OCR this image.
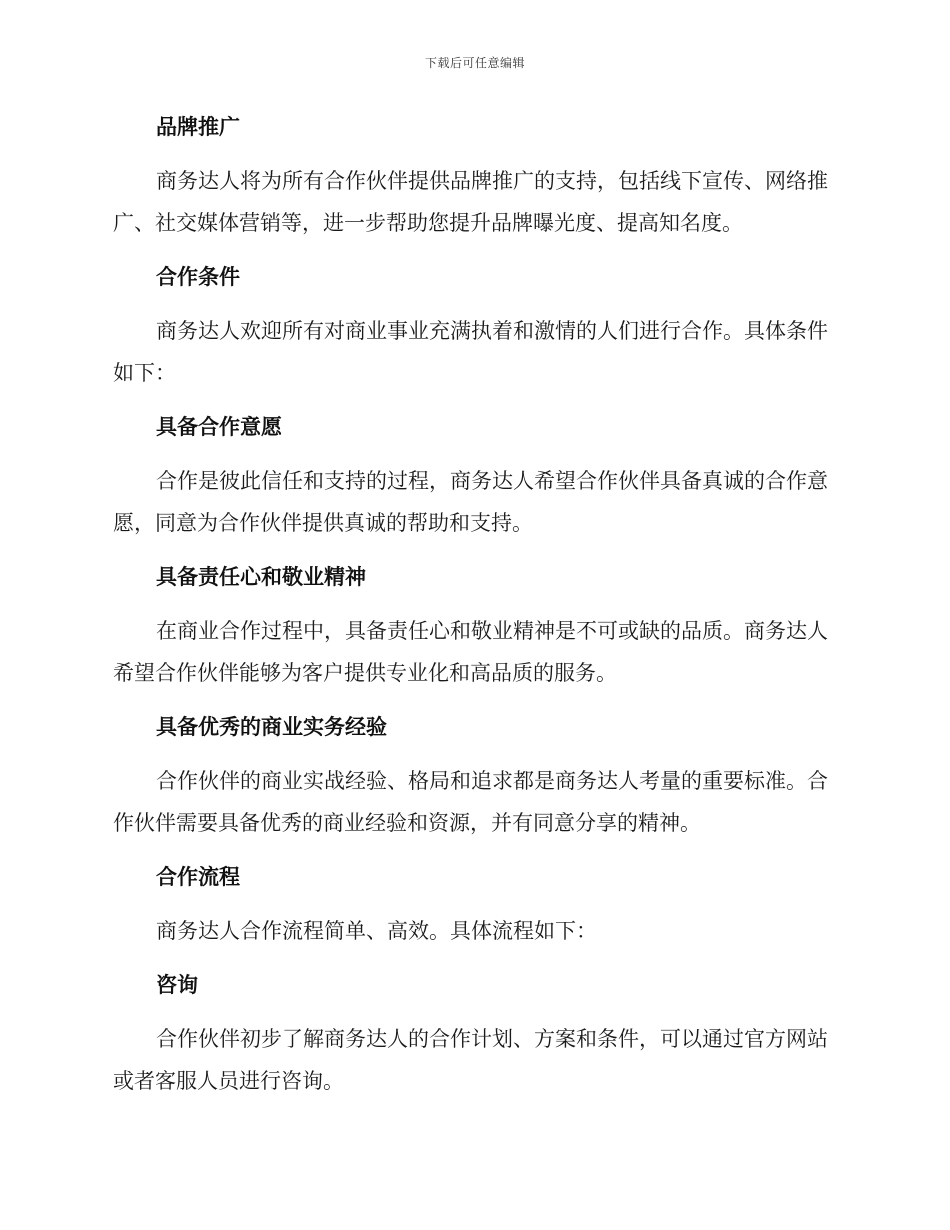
下载后可任意编辑
品牌推广

商务达人将为所有合作伙伴提供品牌推广的支持，包括线下宣传、网络推广、社交媒体营销等，进一步帮助您提升品牌曝光度、提高知名度。

合作条件

商务达人欢迎所有对商业事业充满执着和激情的人们进行合作。具体条件如下：

具备合作意愿

合作是彼此信任和支持的过程，商务达人希望合作伙伴具备真诚的合作意愿，同意为合作伙伴提供真诚的帮助和支持。

具备责任心和敬业精神

在商业合作过程中，具备责任心和敬业精神是不可或缺的品质。商务达人希望合作伙伴能够为客户提供专业化和高品质的服务。

具备优秀的商业实务经验

合作伙伴的商业实战经验、格局和追求都是商务达人考量的重要标准。合作伙伴需要具备优秀的商业经验和资源，并有同意分享的精神。

合作流程

商务达人合作流程简单、高效。具体流程如下：

咨询

合作伙伴初步了解商务达人的合作计划、方案和条件，可以通过官方网站或者客服人员进行咨询。
